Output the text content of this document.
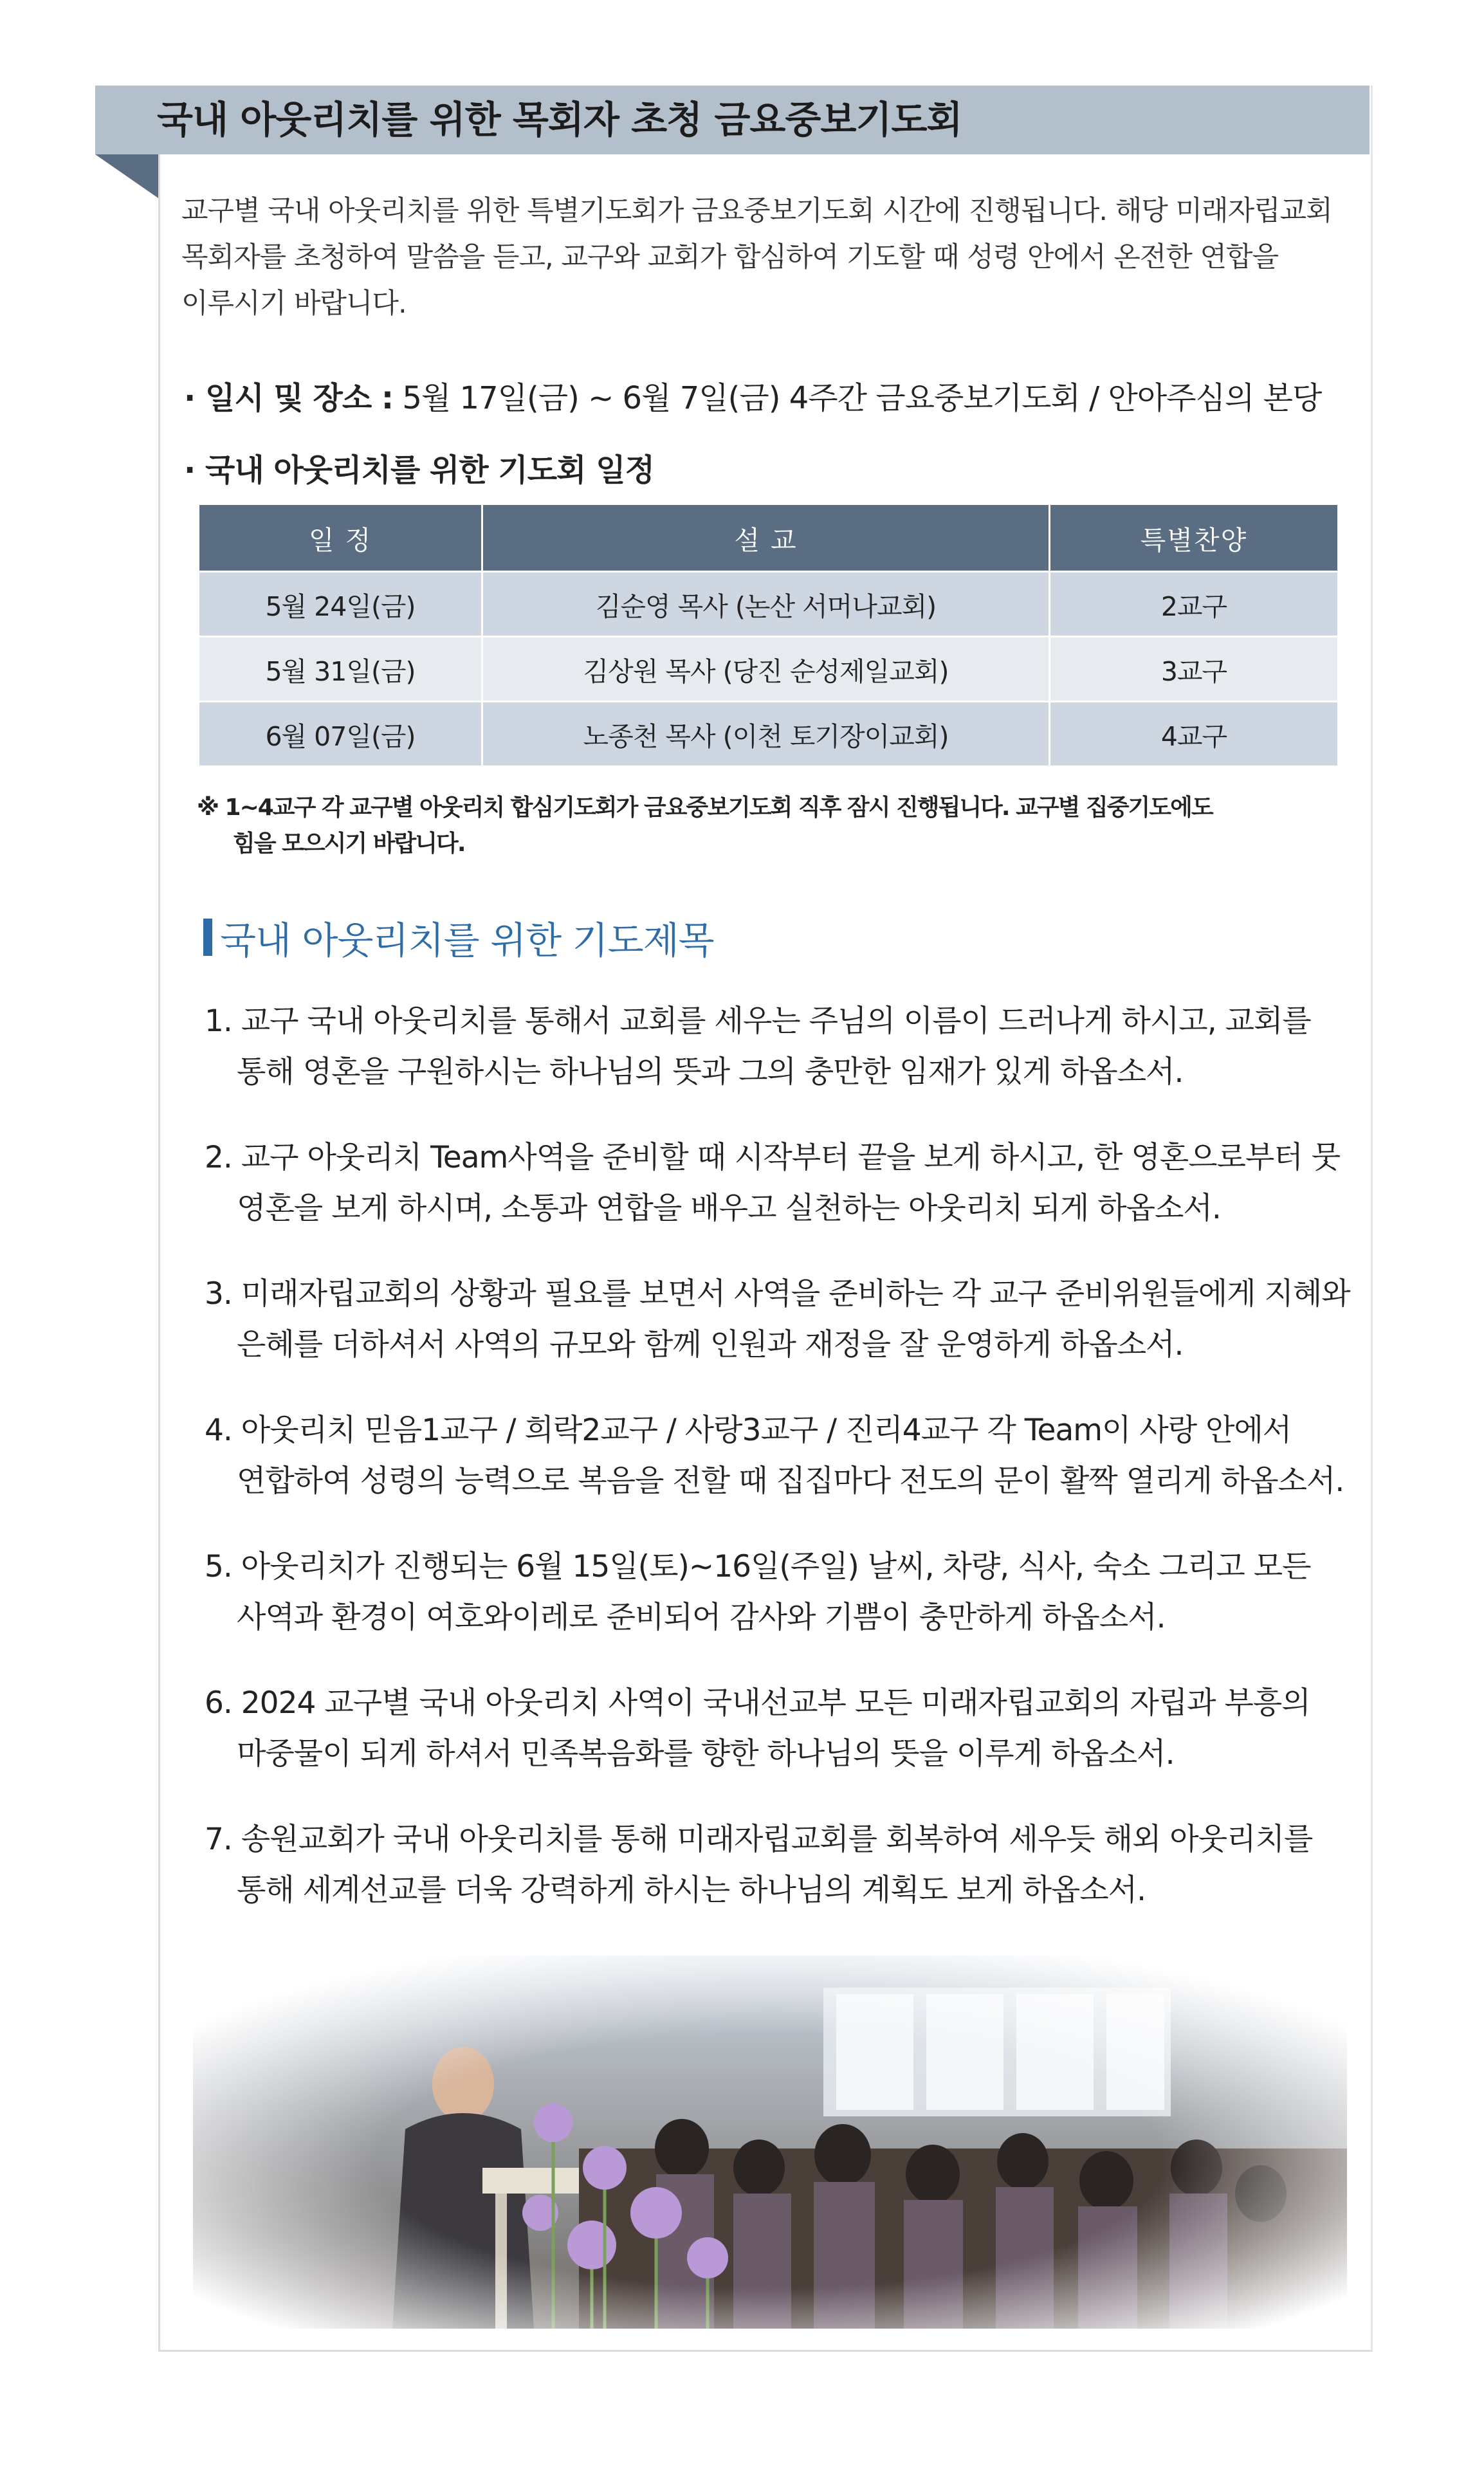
국내 아웃리치를 위한 목회자 초청 금요중보기도회
교구별 국내 아웃리치를 위한 특별기도회가 금요중보기도회 시간에 진행됩니다. 해당 미래자립교회
목회자를 초청하여 말씀을 듣고, 교구와 교회가 합심하여 기도할 때 성령 안에서 온전한 연합을
이루시기 바랍니다.
· 일시 및 장소 : 5월 17일(금) ~ 6월 7일(금) 4주간 금요중보기도회 / 안아주심의 본당
· 국내 아웃리치를 위한 기도회 일정
일 정	설 교	특별찬양
5월 24일(금)	김순영 목사 (논산 서머나교회)	2교구
5월 31일(금)	김상원 목사 (당진 순성제일교회)	3교구
6월 07일(금)	노종천 목사 (이천 토기장이교회)	4교구
※ 1~4교구 각 교구별 아웃리치 합심기도회가 금요중보기도회 직후 잠시 진행됩니다. 교구별 집중기도에도
힘을 모으시기 바랍니다.
국내 아웃리치를 위한 기도제목
1. 교구 국내 아웃리치를 통해서 교회를 세우는 주님의 이름이 드러나게 하시고, 교회를
통해 영혼을 구원하시는 하나님의 뜻과 그의 충만한 임재가 있게 하옵소서.
2. 교구 아웃리치 Team사역을 준비할 때 시작부터 끝을 보게 하시고, 한 영혼으로부터 뭇
영혼을 보게 하시며, 소통과 연합을 배우고 실천하는 아웃리치 되게 하옵소서.
3. 미래자립교회의 상황과 필요를 보면서 사역을 준비하는 각 교구 준비위원들에게 지혜와
은혜를 더하셔서 사역의 규모와 함께 인원과 재정을 잘 운영하게 하옵소서.
4. 아웃리치 믿음1교구 / 희락2교구 / 사랑3교구 / 진리4교구 각 Team이 사랑 안에서
연합하여 성령의 능력으로 복음을 전할 때 집집마다 전도의 문이 활짝 열리게 하옵소서.
5. 아웃리치가 진행되는 6월 15일(토)~16일(주일) 날씨, 차량, 식사, 숙소 그리고 모든
사역과 환경이 여호와이레로 준비되어 감사와 기쁨이 충만하게 하옵소서.
6. 2024 교구별 국내 아웃리치 사역이 국내선교부 모든 미래자립교회의 자립과 부흥의
마중물이 되게 하셔서 민족복음화를 향한 하나님의 뜻을 이루게 하옵소서.
7. 송원교회가 국내 아웃리치를 통해 미래자립교회를 회복하여 세우듯 해외 아웃리치를
통해 세계선교를 더욱 강력하게 하시는 하나님의 계획도 보게 하옵소서.
